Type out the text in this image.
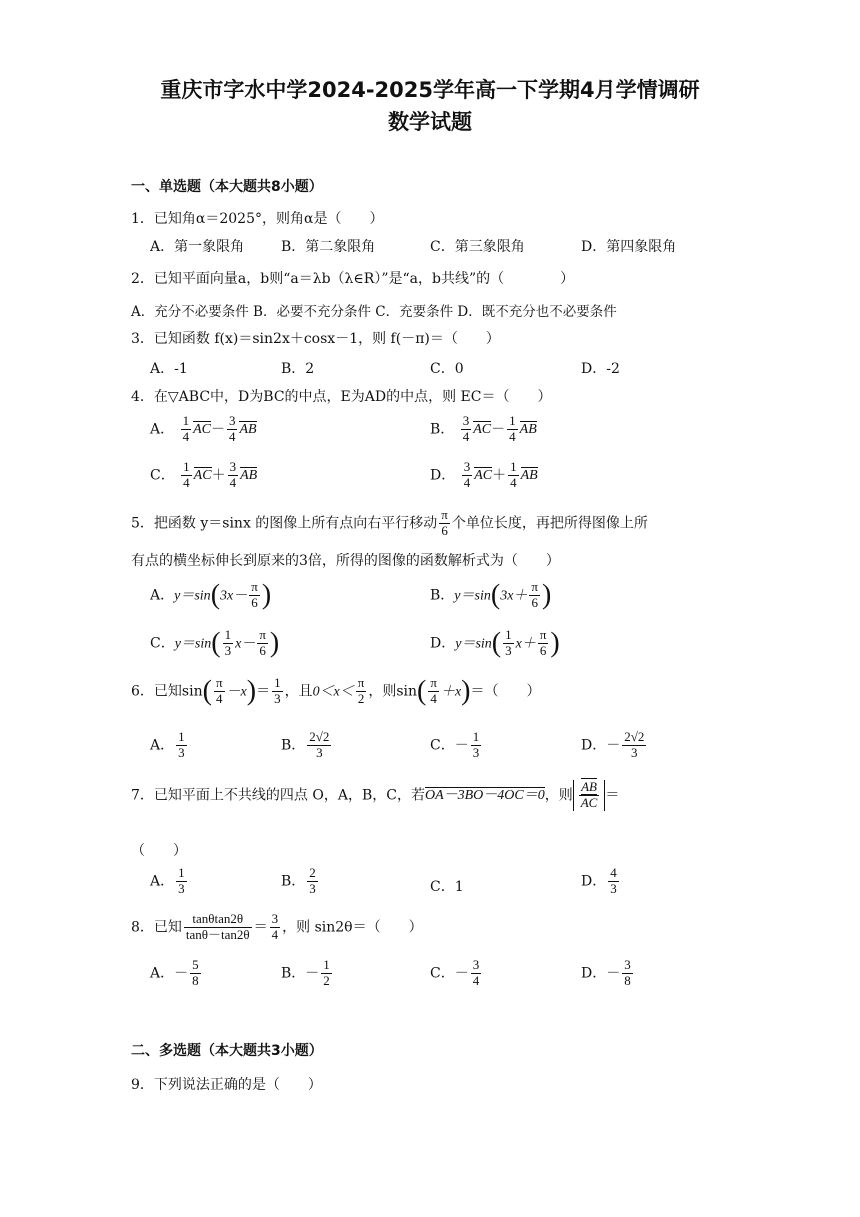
重庆市字水中学2024-2025学年高一下学期4月学情调研
数学试题
一、单选题（本大题共8小题）
1．已知角α＝2025°，则角α是（　　）
A．第一象限角	B．第二象限角	C．第三象限角	D．第四象限角
2．已知平面向量a，b则“a＝λb（λ∈R）”是“a，b共线”的（　　　　）
A．充分不必要条件 B．必要不充分条件 C．充要条件 D．既不充分也不必要条件
3．已知函数 f(x)＝sin2x＋cosx－1，则 f(－π)＝（　　）
A．-1	B．2	C．0	D．-2
4．在▽ABC中，D为BC的中点，E为AD的中点，则 EC＝（　　）
A． $\frac{1}{4} AC- \frac{3}{4}$ AB	B． $\frac{3}{4} AC- \frac{1}{4}$ AB
C． $\frac{1}{4} AC+ \frac{3}{4}$ AB	D． $\frac{3}{4} AC+ \frac{1}{4}$ AB
5．把函数 y＝sinx 的图像上所有点向右平行移动 $\frac{\pi}{6}$ 个单位长度，再把所得图像上所
有点的横坐标伸长到原来的3倍，所得的图像的函数解析式为（　　）
A．$y=\sin(3x- \frac{\pi}{6}$ )	B．$y=\sin(3x+ \frac{\pi}{6}$ )
C．$y=\sin( \frac{1}{3} x- \frac{\pi}{6}$ )	D．$y=\sin( \frac{1}{3} x+ \frac{\pi}{6}$ )
6．已知$\sin( \frac{\pi}{4} -x)= \frac{1}{3}$ ，且$0<x< \frac{\pi}{2}$ ，则$\sin( \frac{\pi}{4} +x)=$（　　）
A． $\frac{1}{3}$	B． $\frac{2√2}{3}$	C．－ $\frac{1}{3}$	D．－ $\frac{2√2}{3}$
7．已知平面上不共线的四点 O，A，B，C，若OA－3BO－4OC＝0，则 $\frac{AB}{AC}$ ＝
（　　）
A． $\frac{1}{3}$	B． $\frac{2}{3}$	C．1	D． $\frac{4}{3}$
8．已知 $\frac{\tan\theta\tan 2\theta}{\tan\theta-\tan 2\theta} = \frac{3}{4}$ ，则 sin2θ＝（　　）
A．－ $\frac{5}{8}$	B．－ $\frac{1}{2}$	C．－ $\frac{3}{4}$	D．－ $\frac{3}{8}$
二、多选题（本大题共3小题）
9．下列说法正确的是（　　）
